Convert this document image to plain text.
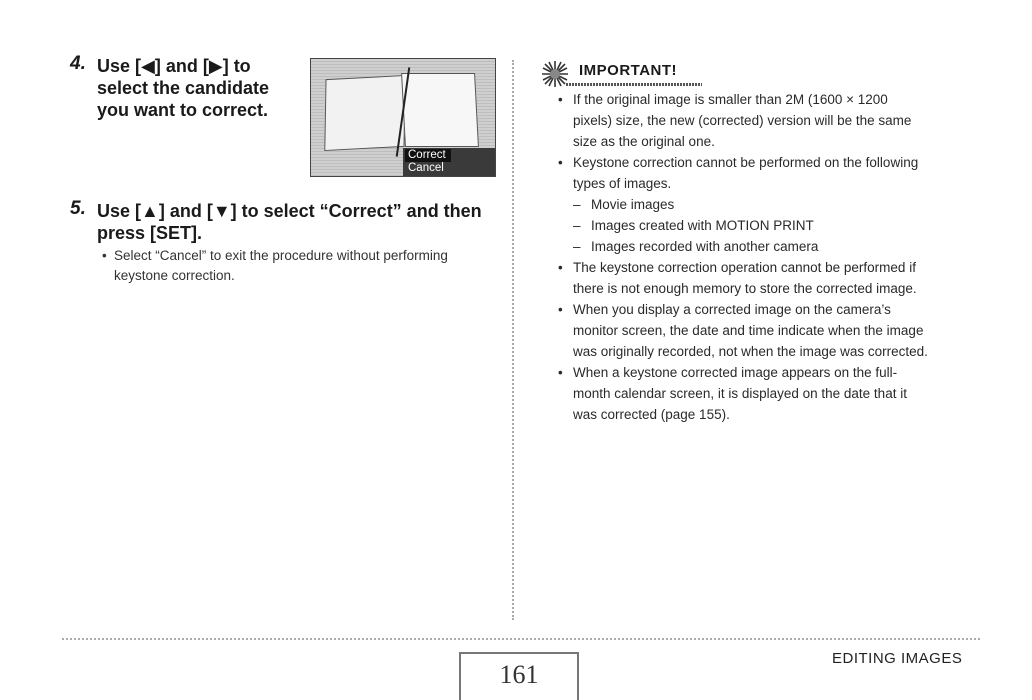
4. Use [◀] and [▶] to
select the candidate
you want to correct.
Correct
Cancel
5. Use [▲] and [▼] to select “Correct” and then
press [SET].
• Select “Cancel” to exit the procedure without performing
keystone correction.
IMPORTANT!
• If the original image is smaller than 2M (1600 × 1200
pixels) size, the new (corrected) version will be the same
size as the original one.
• Keystone correction cannot be performed on the following
types of images.
– Movie images
– Images created with MOTION PRINT
– Images recorded with another camera
• The keystone correction operation cannot be performed if
there is not enough memory to store the corrected image.
• When you display a corrected image on the camera’s
monitor screen, the date and time indicate when the image
was originally recorded, not when the image was corrected.
• When a keystone corrected image appears on the full-
month calendar screen, it is displayed on the date that it
was corrected (page 155).
161
EDITING IMAGES
